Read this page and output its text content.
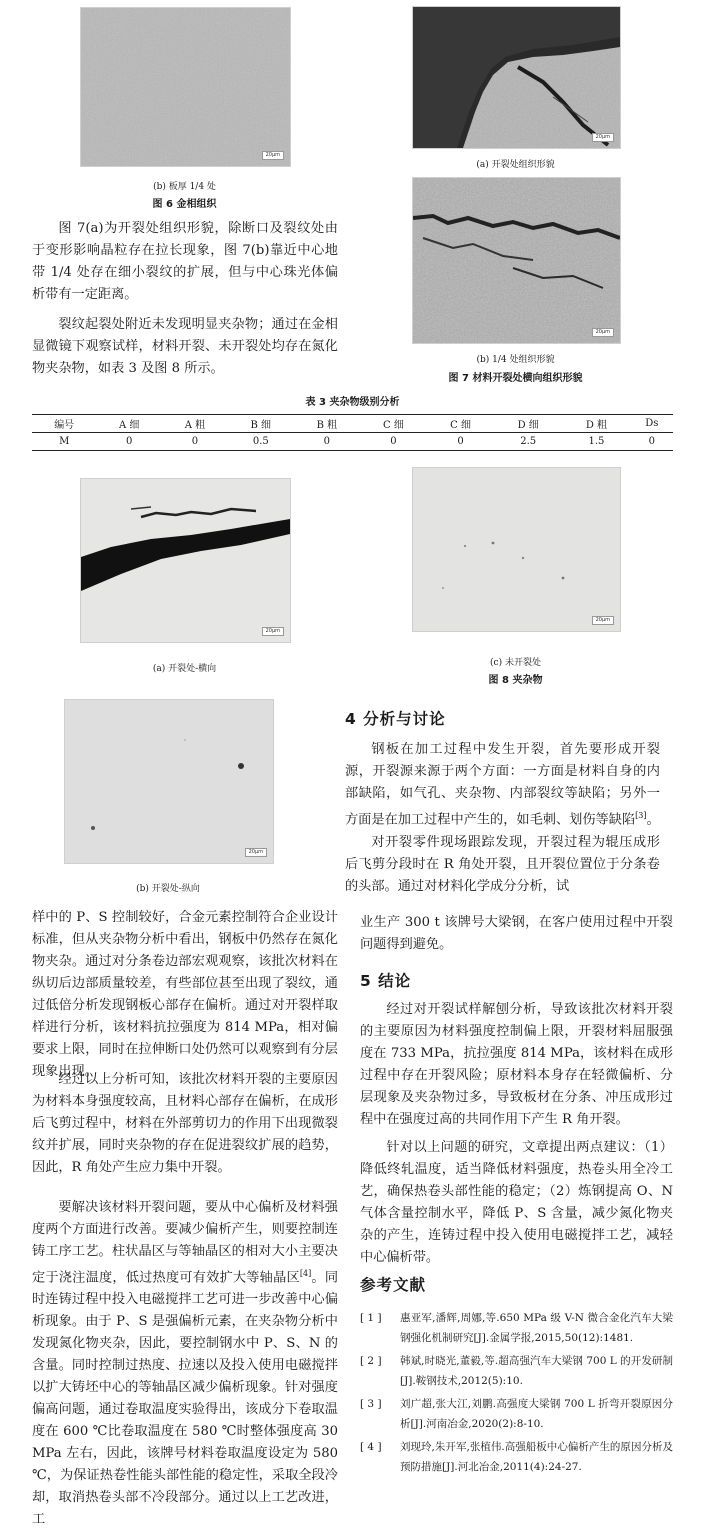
20μm
(b) 板厚 1/4 处
图 6 金相组织
20μm
(a) 开裂处组织形貌
20μm
(b) 1/4 处组织形貌
图 7 材料开裂处横向组织形貌

图 7(a)为开裂处组织形貌，除断口及裂纹处由于变形影响晶粒存在拉长现象，图 7(b)靠近中心地带 1/4 处存在细小裂纹的扩展，但与中心珠光体偏析带有一定距离。

裂纹起裂处附近未发现明显夹杂物；通过在金相显微镜下观察试样，材料开裂、未开裂处均存在氮化物夹杂物，如表 3 及图 8 所示。

表 3 夹杂物级别分析
编号	A 细	A 粗	B 细	B 粗	C 细	C 细	D 细	D 粗	Ds
M	0	0	0.5	0	0	0	2.5	1.5	0
20μm
(a) 开裂处-横向
20μm
(c) 未开裂处
图 8 夹杂物
20μm
(b) 开裂处-纵向
4 分析与讨论

钢板在加工过程中发生开裂，首先要形成开裂源，开裂源来源于两个方面：一方面是材料自身的内部缺陷，如气孔、夹杂物、内部裂纹等缺陷；另外一方面是在加工过程中产生的，如毛刺、划伤等缺陷[3]。

对开裂零件现场跟踪发现，开裂过程为辊压成形后飞剪分段时在 R 角处开裂，且开裂位置位于分条卷的头部。通过对材料化学成分分析，试

样中的 P、S 控制较好，合金元素控制符合企业设计标准，但从夹杂物分析中看出，钢板中仍然存在氮化物夹杂。通过对分条卷边部宏观观察，该批次材料在纵切后边部质量较差，有些部位甚至出现了裂纹，通过低倍分析发现钢板心部存在偏析。通过对开裂样取样进行分析，该材料抗拉强度为 814 MPa，相对偏要求上限，同时在拉伸断口处仍然可以观察到有分层现象出现。

经过以上分析可知，该批次材料开裂的主要原因为材料本身强度较高，且材料心部存在偏析，在成形后飞剪过程中，材料在外部剪切力的作用下出现微裂纹并扩展，同时夹杂物的存在促进裂纹扩展的趋势，因此，R 角处产生应力集中开裂。

要解决该材料开裂问题，要从中心偏析及材料强度两个方面进行改善。要减少偏析产生，则要控制连铸工序工艺。柱状晶区与等轴晶区的相对大小主要决定于浇注温度，低过热度可有效扩大等轴晶区[4]。同时连铸过程中投入电磁搅拌工艺可进一步改善中心偏析现象。由于 P、S 是强偏析元素，在夹杂物分析中发现氮化物夹杂，因此，要控制钢水中 P、S、N 的含量。同时控制过热度、拉速以及投入使用电磁搅拌以扩大铸坯中心的等轴晶区减少偏析现象。针对强度偏高问题，通过卷取温度实验得出，该成分下卷取温度在 600 ℃比卷取温度在 580 ℃时整体强度高 30 MPa 左右，因此，该牌号材料卷取温度设定为 580 ℃，为保证热卷性能头部性能的稳定性，采取全段冷却，取消热卷头部不冷段部分。通过以上工艺改进，工

业生产 300 t 该牌号大梁钢，在客户使用过程中开裂问题得到避免。

5 结论

经过对开裂试样解刨分析，导致该批次材料开裂的主要原因为材料强度控制偏上限，开裂材料屈服强度在 733 MPa，抗拉强度 814 MPa，该材料在成形过程中存在开裂风险；原材料本身存在轻微偏析、分层现象及夹杂物过多，导致板材在分条、冲压成形过程中在强度过高的共同作用下产生 R 角开裂。

针对以上问题的研究，文章提出两点建议：（1）降低终轧温度，适当降低材料强度，热卷头用全冷工艺，确保热卷头部性能的稳定；（2）炼钢提高 O、N 气体含量控制水平，降低 P、S 含量，减少氮化物夹杂的产生，连铸过程中投入使用电磁搅拌工艺，减轻中心偏析带。

参考文献
[ 1 ]	惠亚军,潘辉,周娜,等.650 MPa 级 V-N 微合金化汽车大梁钢强化机制研究[J].金属学报,2015,50(12):1481.
[ 2 ]	韩斌,时晓光,董毅,等.超高强汽车大梁钢 700 L 的开发研制[J].鞍钢技术,2012(5):10.
[ 3 ]	刘广超,张大江,刘鹏.高强度大梁钢 700 L 折弯开裂原因分析[J].河南冶金,2020(2):8-10.
[ 4 ]	刘现玲,朱开军,张植伟.高强船板中心偏析产生的原因分析及预防措施[J].河北冶金,2011(4):24-27.
